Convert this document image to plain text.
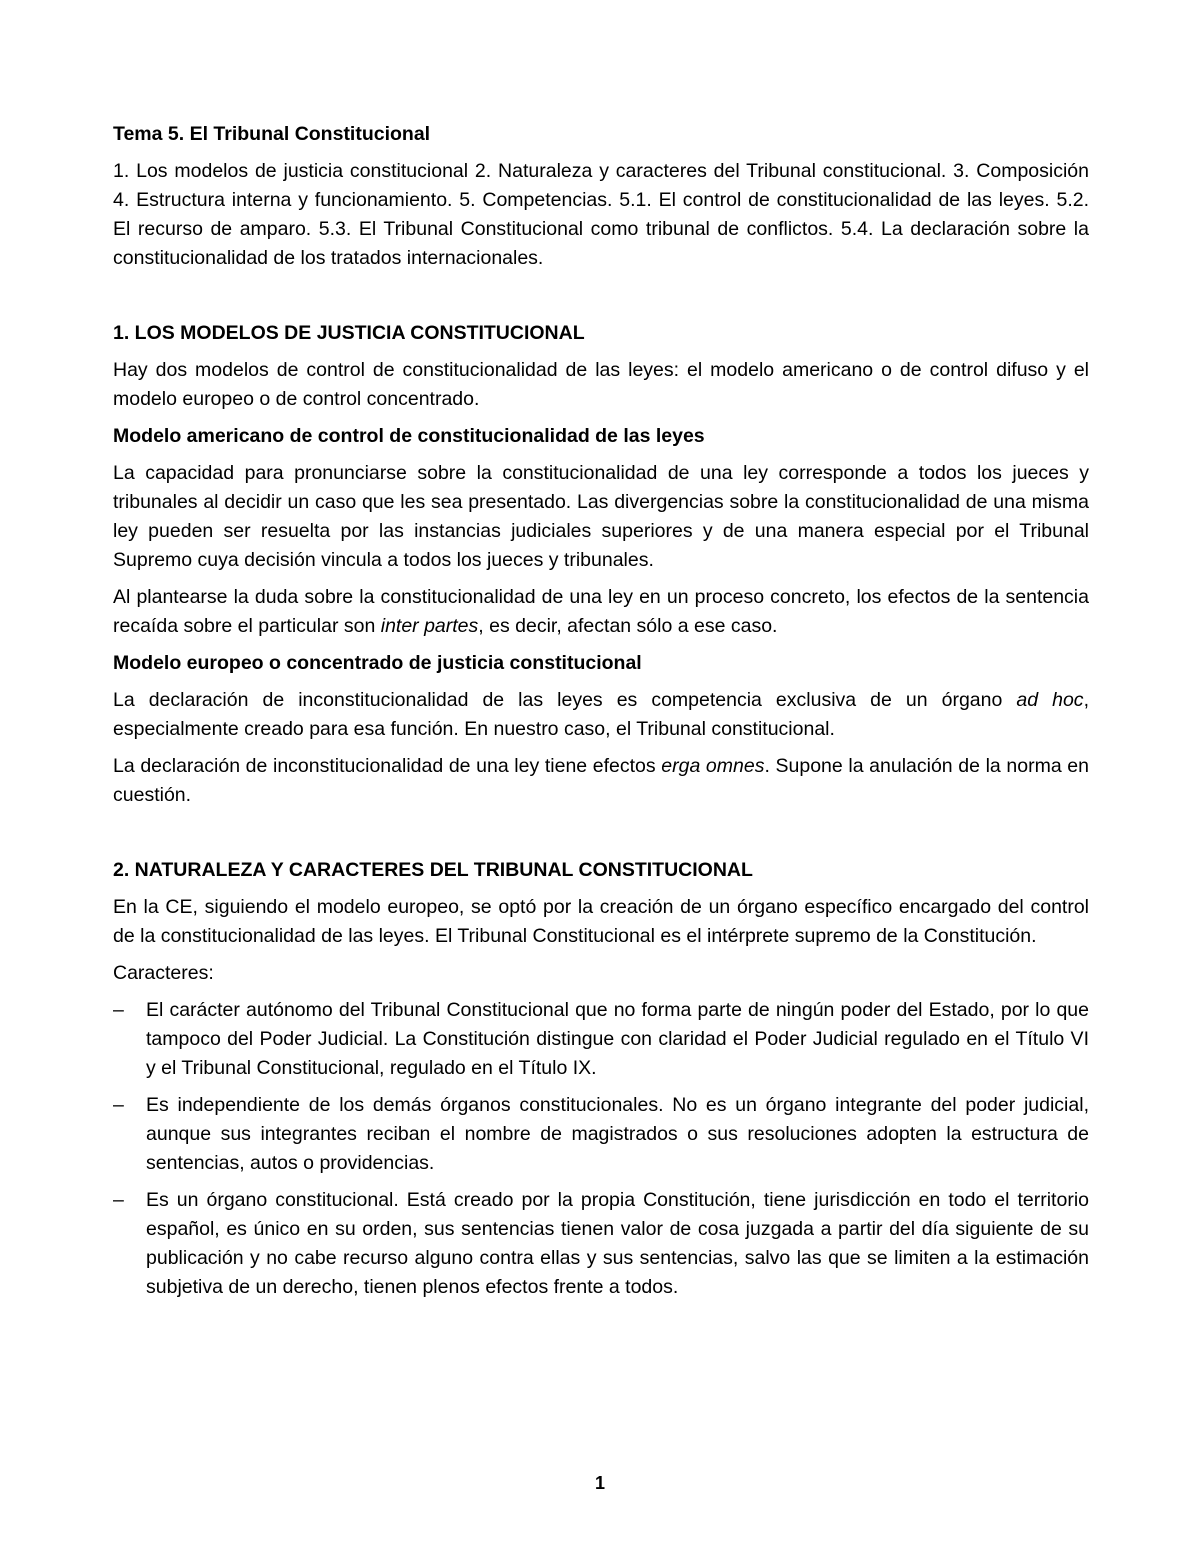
Tema 5. El Tribunal Constitucional

1. Los modelos de justicia constitucional 2. Naturaleza y caracteres del Tribunal constitucional. 3. Composición 4. Estructura interna y funcionamiento. 5. Competencias. 5.1. El control de constitucionalidad de las leyes. 5.2. El recurso de amparo. 5.3. El Tribunal Constitucional como tribunal de conflictos. 5.4. La declaración sobre la constitucionalidad de los tratados internacionales.

1. LOS MODELOS DE JUSTICIA CONSTITUCIONAL

Hay dos modelos de control de constitucionalidad de las leyes: el modelo americano o de control difuso y el modelo europeo o de control concentrado.

Modelo americano de control de constitucionalidad de las leyes

La capacidad para pronunciarse sobre la constitucionalidad de una ley corresponde a todos los jueces y tribunales al decidir un caso que les sea presentado. Las divergencias sobre la constitucionalidad de una misma ley pueden ser resuelta por las instancias judiciales superiores y de una manera especial por el Tribunal Supremo cuya decisión vincula a todos los jueces y tribunales.

Al plantearse la duda sobre la constitucionalidad de una ley en un proceso concreto, los efectos de la sentencia recaída sobre el particular son inter partes, es decir, afectan sólo a ese caso.

Modelo europeo o concentrado de justicia constitucional

La declaración de inconstitucionalidad de las leyes es competencia exclusiva de un órgano ad hoc, especialmente creado para esa función. En nuestro caso, el Tribunal constitucional.

La declaración de inconstitucionalidad de una ley tiene efectos erga omnes. Supone la anulación de la norma en cuestión.

2. NATURALEZA Y CARACTERES DEL TRIBUNAL CONSTITUCIONAL

En la CE, siguiendo el modelo europeo, se optó por la creación de un órgano específico encargado del control de la constitucionalidad de las leyes. El Tribunal Constitucional es el intérprete supremo de la Constitución.

Caracteres:

– El carácter autónomo del Tribunal Constitucional que no forma parte de ningún poder del Estado, por lo que tampoco del Poder Judicial. La Constitución distingue con claridad el Poder Judicial regulado en el Título VI y el Tribunal Constitucional, regulado en el Título IX.
– Es independiente de los demás órganos constitucionales. No es un órgano integrante del poder judicial, aunque sus integrantes reciban el nombre de magistrados o sus resoluciones adopten la estructura de sentencias, autos o providencias.
– Es un órgano constitucional. Está creado por la propia Constitución, tiene jurisdicción en todo el territorio español, es único en su orden, sus sentencias tienen valor de cosa juzgada a partir del día siguiente de su publicación y no cabe recurso alguno contra ellas y sus sentencias, salvo las que se limiten a la estimación subjetiva de un derecho, tienen plenos efectos frente a todos.
1
